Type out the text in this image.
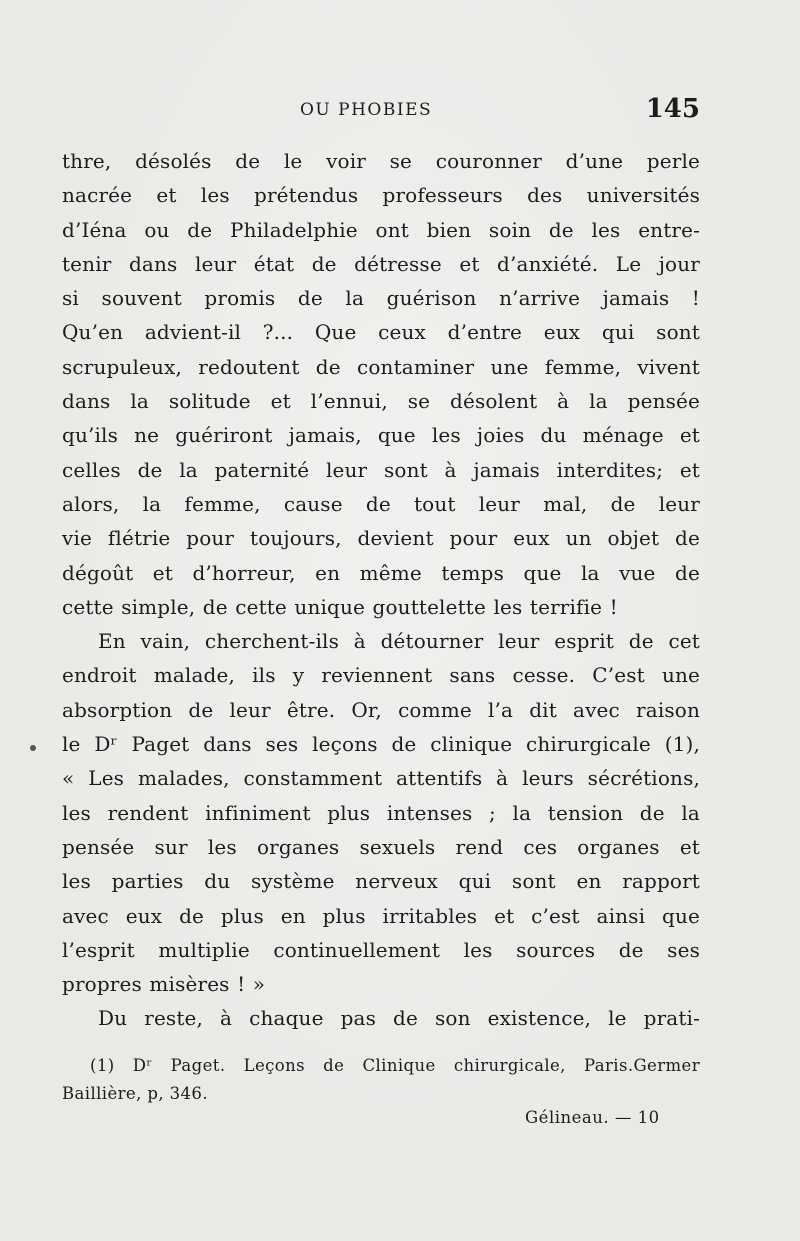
OU PHOBIES	145
thre, désolés de le voir se couronner d’une perle
nacrée et les prétendus professeurs des universités
d’Iéna ou de Philadelphie ont bien soin de les entre-
tenir dans leur état de détresse et d’anxiété. Le jour
si souvent promis de la guérison n’arrive jamais !
Qu’en advient-il ?... Que ceux d’entre eux qui sont
scrupuleux, redoutent de contaminer une femme, vivent
dans la solitude et l’ennui, se désolent à la pensée
qu’ils ne guériront jamais, que les joies du ménage et
celles de la paternité leur sont à jamais interdites; et
alors, la femme, cause de tout leur mal, de leur
vie flétrie pour toujours, devient pour eux un objet de
dégoût et d’horreur, en même temps que la vue de
cette simple, de cette unique gouttelette les terrifie !
En vain, cherchent-ils à détourner leur esprit de cet
endroit malade, ils y reviennent sans cesse. C’est une
absorption de leur être. Or, comme l’a dit avec raison
le Dʳ Paget dans ses leçons de clinique chirurgicale (1),
« Les malades, constamment attentifs à leurs sécrétions,
les rendent infiniment plus intenses ; la tension de la
pensée sur les organes sexuels rend ces organes et
les parties du système nerveux qui sont en rapport
avec eux de plus en plus irritables et c’est ainsi que
l’esprit multiplie continuellement les sources de ses
propres misères ! »
Du reste, à chaque pas de son existence, le prati-
(1) Dʳ Paget. Leçons de Clinique chirurgicale, Paris.Germer
Baillière, p, 346.
Gélineau. — 10
